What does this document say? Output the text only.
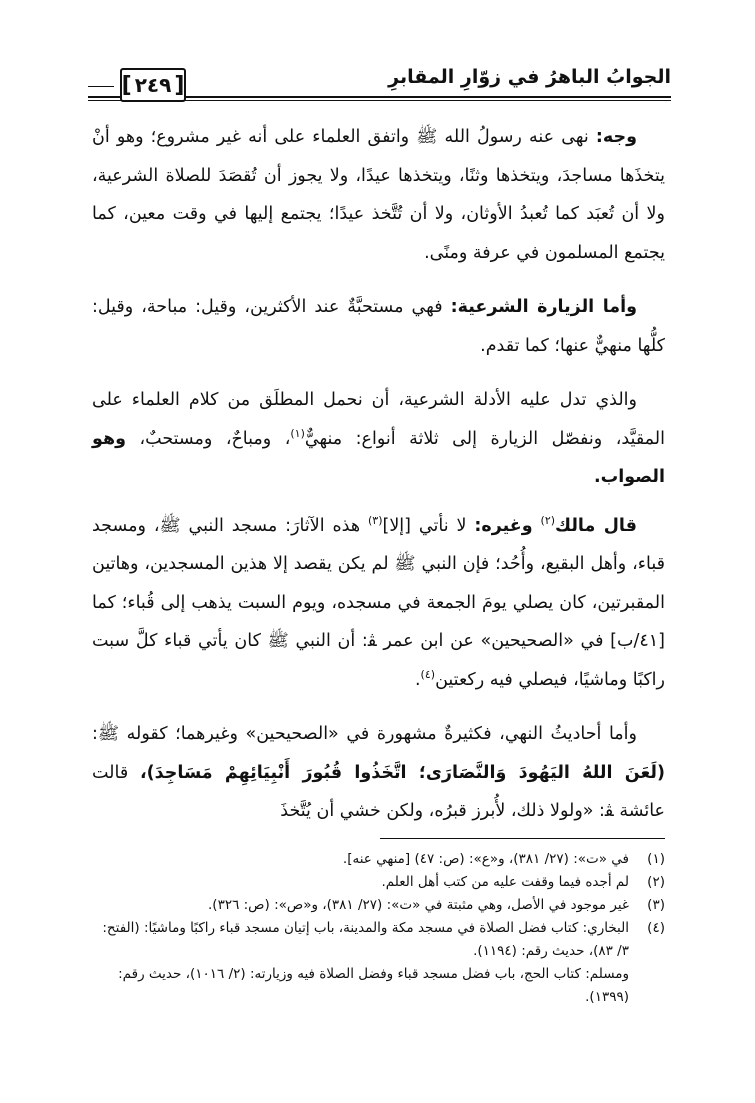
الجوابُ الباهرُ في زوّارِ المقابرِ
[ ٢٤٩ ]

وجه: نهى عنه رسولُ الله ﷺ واتفق العلماء على أنه غير مشروع؛ وهو أنْ يتخذَها مساجدَ، ويتخذها وثنًا، ويتخذها عيدًا، ولا يجوز أن تُقصَدَ للصلاة الشرعية، ولا أن تُعبَد كما تُعبدُ الأوثان، ولا أن تُتَّخذ عيدًا؛ يجتمع إليها في وقت معين، كما يجتمع المسلمون في عرفة ومنًى.

وأما الزيارة الشرعية: فهي مستحبَّةٌ عند الأكثرين، وقيل: مباحة، وقيل: كلُّها منهيٌّ عنها؛ كما تقدم.

والذي تدل عليه الأدلة الشرعية، أن نحمل المطلَق من كلام العلماء على المقيَّد، ونفصّل الزيارة إلى ثلاثة أنواع: منهيٌّ$^{(١)}$، ومباحٌ، ومستحبٌ، وهو الصواب.

قال مالك$^{(٢)}$ وغيره: لا نأتي [إلا]$^{(٣)}$ هذه الآثارَ: مسجد النبي ﷺ، ومسجد قباء، وأهل البقيع، وأُحُد؛ فإن النبي ﷺ لم يكن يقصد إلا هذين المسجدين، وهاتين المقبرتين، كان يصلي يومَ الجمعة في مسجده، ويوم السبت يذهب إلى قُباء؛ كما [٤١/ب] في «الصحيحين» عن ابن عمر ﭭ: أن النبي ﷺ كان يأتي قباء كلَّ سبت راكبًا وماشيًا، فيصلي فيه ركعتين$^{(٤)}$.

وأما أحاديثُ النهي، فكثيرةٌ مشهورة في «الصحيحين» وغيرهما؛ كقوله ﷺ: (لَعَنَ اللهُ اليَهُودَ وَالنَّصَارَى؛ اتَّخَذُوا قُبُورَ أَنْبِيَائِهِمْ مَسَاجِدَ)، قالت عائشة ﭭ: «ولولا ذلك، لأُبرز قبرُه، ولكن خشي أن يُتَّخذَ

(١)
في «ت»: (٢٧/ ٣٨١)، و«ع»: (ص: ٤٧) [منهي عنه].
(٢)
لم أجده فيما وقفت عليه من كتب أهل العلم.
(٣)
غير موجود في الأصل، وهي مثبتة في «ت»: (٢٧/ ٣٨١)، و«ص»: (ص: ٣٢٦).
(٤)
البخاري: كتاب فضل الصلاة في مسجد مكة والمدينة، باب إتيان مسجد قباء راكبًا وماشيًا: (الفتح: ٣/ ٨٣)، حديث رقم: (١١٩٤).
ومسلم: كتاب الحج، باب فضل مسجد قباء وفضل الصلاة فيه وزيارته: (٢/ ١٠١٦)، حديث رقم: (١٣٩٩).
